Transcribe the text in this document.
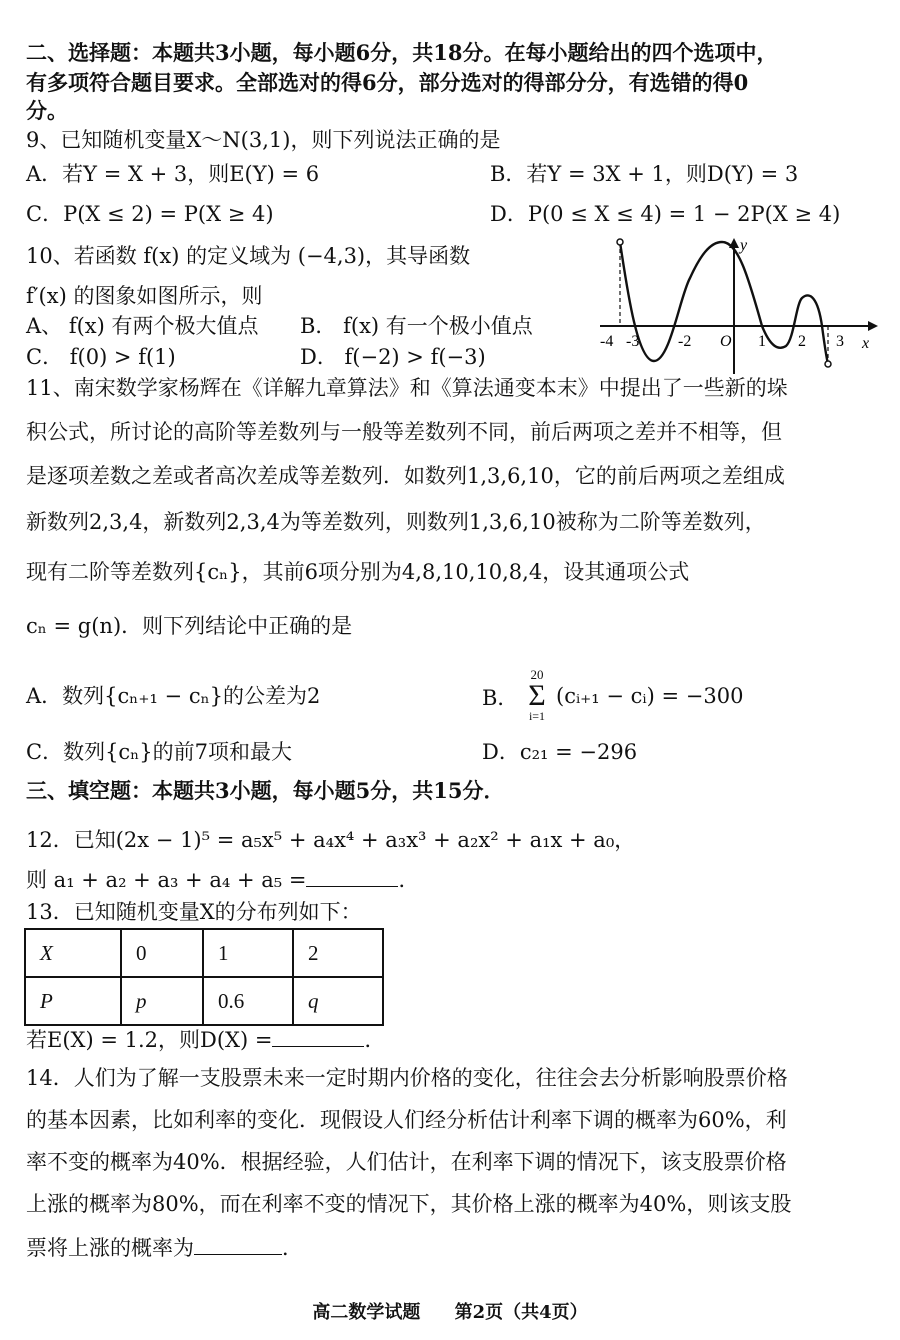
二、选择题：本题共3小题，每小题6分，共18分。在每小题给出的四个选项中，
有多项符合题目要求。全部选对的得6分，部分选对的得部分分，有选错的得0
分。
9、已知随机变量X～N(3,1)，则下列说法正确的是
A．若Y = X + 3，则E(Y) = 6	B．若Y = 3X + 1，则D(Y) = 3
C．P(X ≤ 2) = P(X ≥ 4)	D．P(0 ≤ X ≤ 4) = 1 − 2P(X ≥ 4)
10、若函数 f(x) 的定义域为 (−4,3)，其导函数
f′(x) 的图象如图所示，则
A、 f(x) 有两个极大值点 B． f(x) 有一个极小值点
C． f(0) > f(1)	D． f(−2) > f(−3)
y
x
O
-4 -3 -2	1 2 3
11、南宋数学家杨辉在《详解九章算法》和《算法通变本末》中提出了一些新的垛
积公式，所讨论的高阶等差数列与一般等差数列不同，前后两项之差并不相等，但
是逐项差数之差或者高次差成等差数列．如数列1,3,6,10，它的前后两项之差组成
新数列2,3,4，新数列2,3,4为等差数列，则数列1,3,6,10被称为二阶等差数列，
现有二阶等差数列{cₙ}，其前6项分别为4,8,10,10,8,4，设其通项公式
cₙ = g(n)．则下列结论中正确的是
A．数列{cₙ₊₁ − cₙ}的公差为2	B．
20
Σ
i=1
(cᵢ₊₁ − cᵢ) = −300
C．数列{cₙ}的前7项和最大	D．c₂₁ = −296
三、填空题：本题共3小题，每小题5分，共15分．
12．已知(2x − 1)⁵ = a₅x⁵ + a₄x⁴ + a₃x³ + a₂x² + a₁x + a₀，
则 a₁ + a₂ + a₃ + a₄ + a₅ =	．
13．已知随机变量X的分布列如下：
X	0	1	2
P	p	0.6	q
若E(X) = 1.2，则D(X) =	．
14．人们为了解一支股票未来一定时期内价格的变化，往往会去分析影响股票价格
的基本因素，比如利率的变化．现假设人们经分析估计利率下调的概率为60%，利
率不变的概率为40%．根据经验，人们估计，在利率下调的情况下，该支股票价格
上涨的概率为80%，而在利率不变的情况下，其价格上涨的概率为40%，则该支股
票将上涨的概率为	．
高二数学试题 第2页（共4页）
